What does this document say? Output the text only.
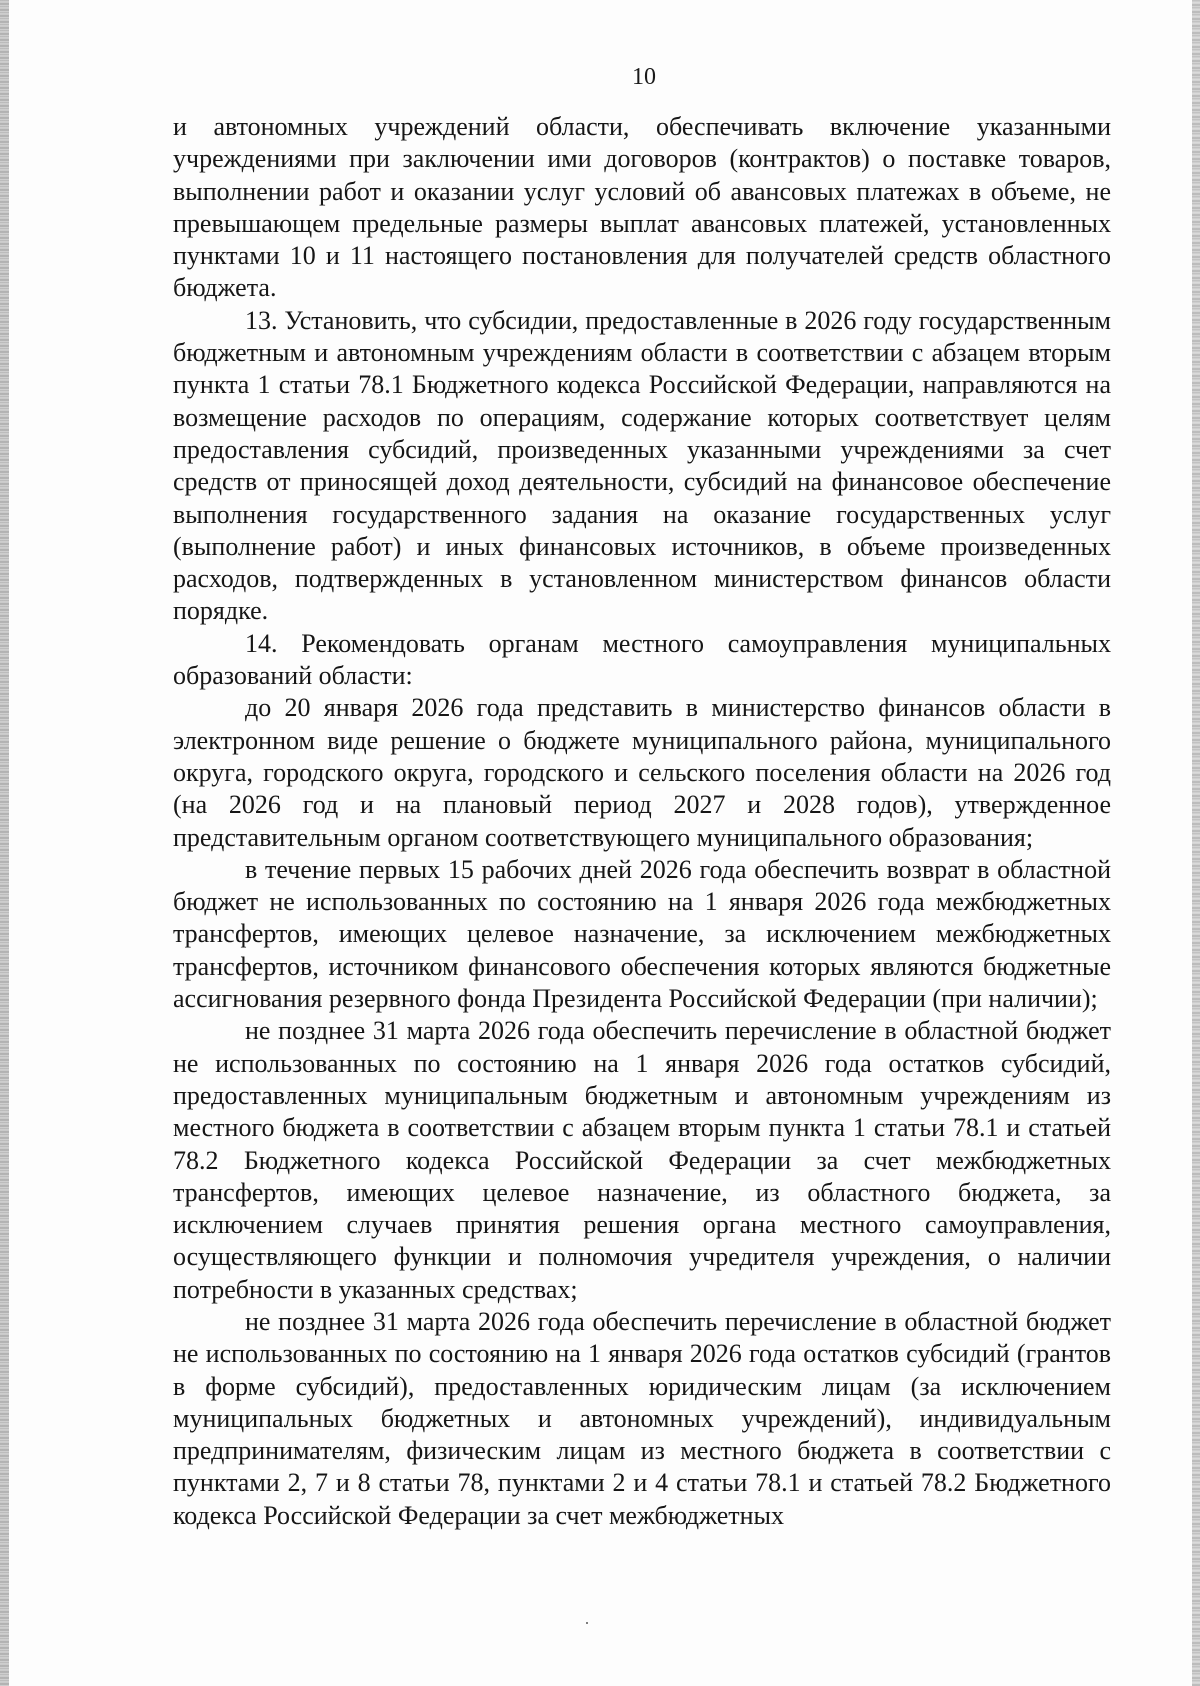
10

и автономных учреждений области, обеспечивать включение указанными учреждениями при заключении ими договоров (контрактов) о поставке товаров, выполнении работ и оказании услуг условий об авансовых платежах в объеме, не превышающем предельные размеры выплат авансовых платежей, установленных пунктами 10 и 11 настоящего постановления для получателей средств областного бюджета.

13. Установить, что субсидии, предоставленные в 2026 году государственным бюджетным и автономным учреждениям области в соответствии с абзацем вторым пункта 1 статьи 78.1 Бюджетного кодекса Российской Федерации, направляются на возмещение расходов по операциям, содержание которых соответствует целям предоставления субсидий, произведенных указанными учреждениями за счет средств от приносящей доход деятельности, субсидий на финансовое обеспечение выполнения государственного задания на оказание государственных услуг (выполнение работ) и иных финансовых источников, в объеме произведенных расходов, подтвержденных в установленном министерством финансов области порядке.

14. Рекомендовать органам местного самоуправления муниципальных образований области:

до 20 января 2026 года представить в министерство финансов области в электронном виде решение о бюджете муниципального района, муниципального округа, городского округа, городского и сельского поселения области на 2026 год (на 2026 год и на плановый период 2027 и 2028 годов), утвержденное представительным органом соответствующего муниципального образования;

в течение первых 15 рабочих дней 2026 года обеспечить возврат в областной бюджет не использованных по состоянию на 1 января 2026 года межбюджетных трансфертов, имеющих целевое назначение, за исключением межбюджетных трансфертов, источником финансового обеспечения которых являются бюджетные ассигнования резервного фонда Президента Российской Федерации (при наличии);

не позднее 31 марта 2026 года обеспечить перечисление в областной бюджет не использованных по состоянию на 1 января 2026 года остатков субсидий, предоставленных муниципальным бюджетным и автономным учреждениям из местного бюджета в соответствии с абзацем вторым пункта 1 статьи 78.1 и статьей 78.2 Бюджетного кодекса Российской Федерации за счет межбюджетных трансфертов, имеющих целевое назначение, из областного бюджета, за исключением случаев принятия решения органа местного самоуправления, осуществляющего функции и полномочия учредителя учреждения, о наличии потребности в указанных средствах;

не позднее 31 марта 2026 года обеспечить перечисление в областной бюджет не использованных по состоянию на 1 января 2026 года остатков субсидий (грантов в форме субсидий), предоставленных юридическим лицам (за исключением муниципальных бюджетных и автономных учреждений), индивидуальным предпринимателям, физическим лицам из местного бюджета в соответствии с пунктами 2, 7 и 8 статьи 78, пунктами 2 и 4 статьи 78.1 и статьей 78.2 Бюджетного кодекса Российской Федерации за счет межбюджетных
